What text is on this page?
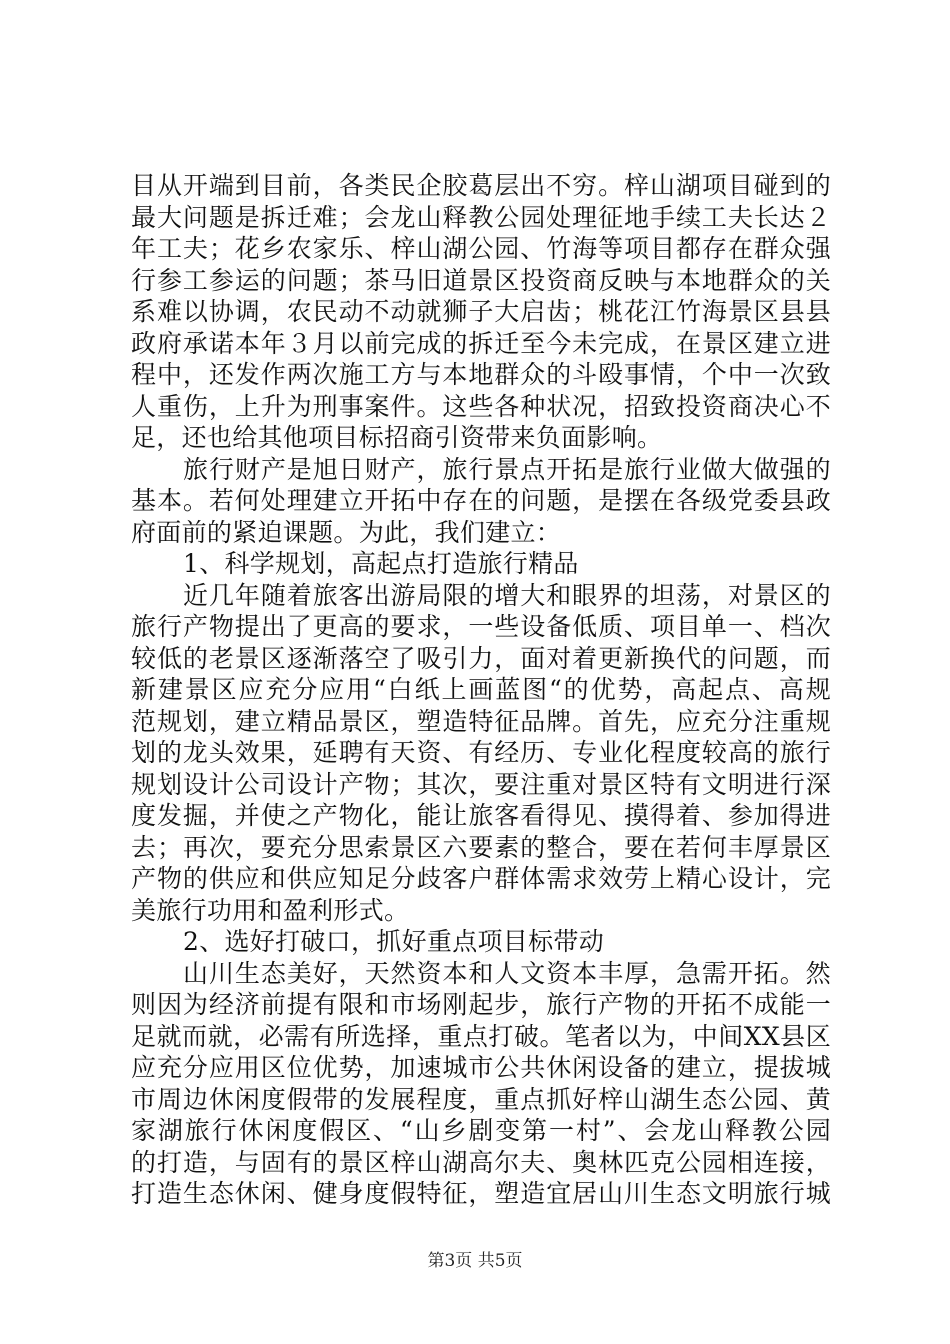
目从开端到目前，各类民企胶葛层出不穷。梓山湖项目碰到的
最大问题是拆迁难；会龙山释教公园处理征地手续工夫长达２
年工夫；花乡农家乐、梓山湖公园、竹海等项目都存在群众强
行参工参运的问题；茶马旧道景区投资商反映与本地群众的关
系难以协调，农民动不动就狮子大启齿；桃花江竹海景区县县
政府承诺本年３月以前完成的拆迁至今未完成，在景区建立进
程中，还发作两次施工方与本地群众的斗殴事情，个中一次致
人重伤，上升为刑事案件。这些各种状况，招致投资商决心不
足，还也给其他项目标招商引资带来负面影响。
旅行财产是旭日财产，旅行景点开拓是旅行业做大做强的
基本。若何处理建立开拓中存在的问题，是摆在各级党委县政
府面前的紧迫课题。为此，我们建立：
1、科学规划，高起点打造旅行精品
近几年随着旅客出游局限的增大和眼界的坦荡，对景区的
旅行产物提出了更高的要求，一些设备低质、项目单一、档次
较低的老景区逐渐落空了吸引力，面对着更新换代的问题，而
新建景区应充分应用“白纸上画蓝图“的优势，高起点、高规
范规划，建立精品景区，塑造特征品牌。首先，应充分注重规
划的龙头效果，延聘有天资、有经历、专业化程度较高的旅行
规划设计公司设计产物；其次，要注重对景区特有文明进行深
度发掘，并使之产物化，能让旅客看得见、摸得着、参加得进
去；再次，要充分思索景区六要素的整合，要在若何丰厚景区
产物的供应和供应知足分歧客户群体需求效劳上精心设计，完
美旅行功用和盈利形式。
2、选好打破口，抓好重点项目标带动
山川生态美好，天然资本和人文资本丰厚，急需开拓。然
则因为经济前提有限和市场刚起步，旅行产物的开拓不成能一
足就而就，必需有所选择，重点打破。笔者以为，中间XX县区
应充分应用区位优势，加速城市公共休闲设备的建立，提拔城
市周边休闲度假带的发展程度，重点抓好梓山湖生态公园、黄
家湖旅行休闲度假区、“山乡剧变第一村”、会龙山释教公园
的打造，与固有的景区梓山湖高尔夫、奥林匹克公园相连接，
打造生态休闲、健身度假特征，塑造宜居山川生态文明旅行城
第3页 共5页
